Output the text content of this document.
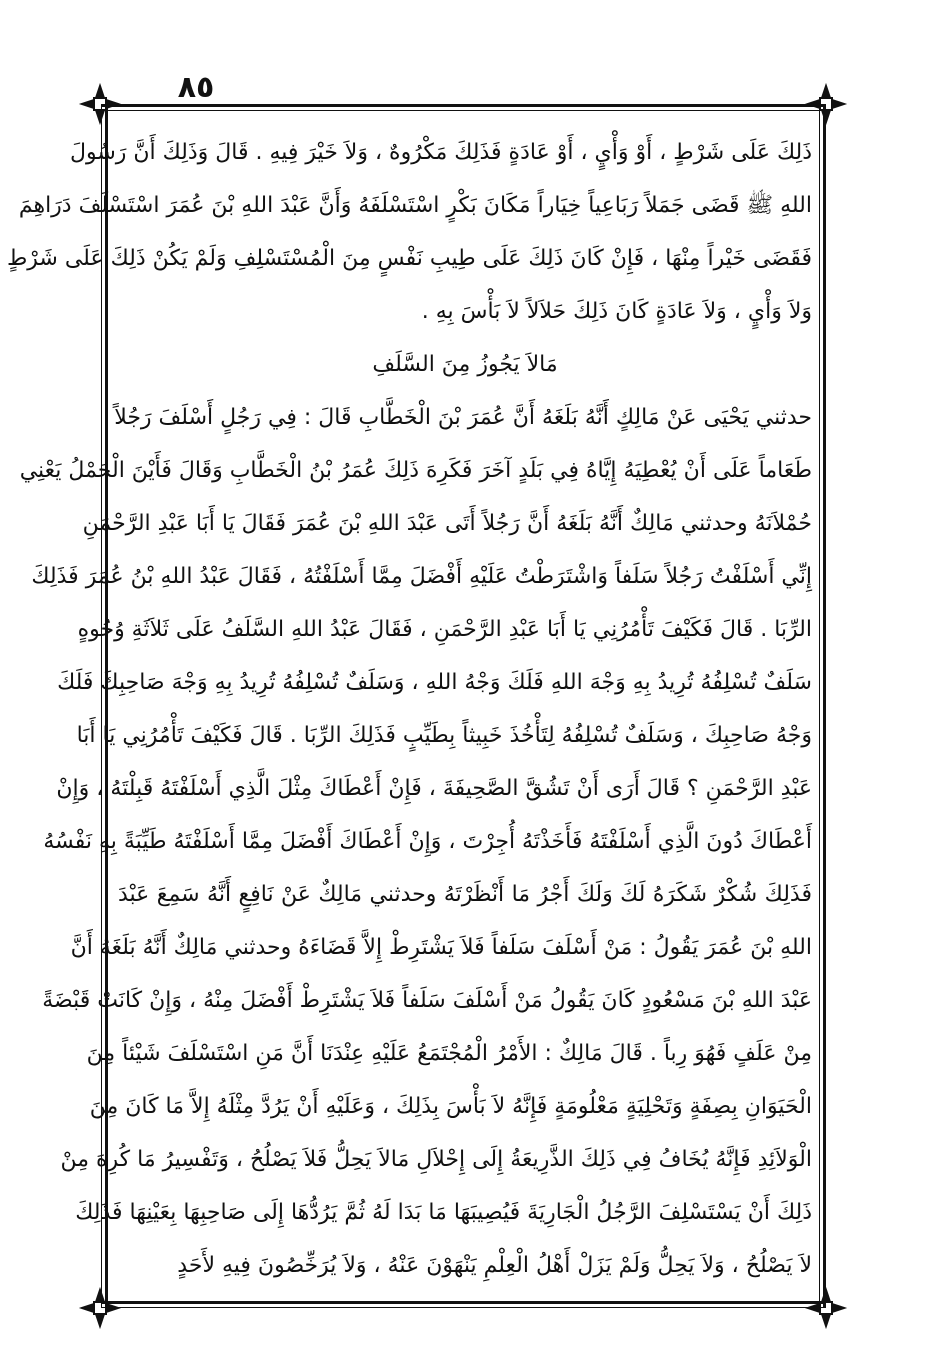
٨٥
ذَلِكَ عَلَى شَرْطٍ ، أَوْ وَأْيٍ ، أَوْ عَادَةٍ فَذَلِكَ مَكْرُوهٌ ، وَلاَ خَيْرَ فِيهِ . قَالَ وَذَلِكَ أَنَّ رَسُولَ
اللهِ ﷺ قَضَى جَمَلاً رَبَاعِياً خِيَاراً مَكَانَ بَكْرٍ اسْتَسْلَفَهُ وَأَنَّ عَبْدَ اللهِ بْنَ عُمَرَ اسْتَسْلَفَ دَرَاهِمَ
فَقَضَى خَيْراً مِنْهَا ، فَإِنْ كَانَ ذَلِكَ عَلَى طِيبِ نَفْسٍ مِنَ الْمُسْتَسْلِفِ وَلَمْ يَكُنْ ذَلِكَ عَلَى شَرْطٍ
وَلاَ وَأْيٍ ، وَلاَ عَادَةٍ كَانَ ذَلِكَ حَلاَلاً لاَ بَأْسَ بِهِ .
مَالاَ يَجُوزُ مِنَ السَّلَفِ
حدثني يَحْيَى عَنْ مَالِكٍ أَنَّهُ بَلَغَهُ أَنَّ عُمَرَ بْنَ الْخَطَّابِ قَالَ : فِي رَجُلٍ أَسْلَفَ رَجُلاً
طَعَاماً عَلَى أَنْ يُعْطِيَهُ إِيَّاهُ فِي بَلَدٍ آخَرَ فَكَرِهَ ذَلِكَ عُمَرُ بْنُ الْخَطَّابِ وَقَالَ فَأَيْنَ الْحَمْلُ يَعْنِي
حُمْلاَنَهُ وحدثني مَالِكٌ أَنَّهُ بَلَغَهُ أَنَّ رَجُلاً أَتَى عَبْدَ اللهِ بْنَ عُمَرَ فَقَالَ يَا أَبَا عَبْدِ الرَّحْمَنِ
إِنِّي أَسْلَفْتُ رَجُلاً سَلَفاً وَاشْتَرَطْتُ عَلَيْهِ أَفْضَلَ مِمَّا أَسْلَفْتُهُ ، فَقَالَ عَبْدُ اللهِ بْنُ عُمَرَ فَذَلِكَ
الرِّبَا . قَالَ فَكَيْفَ تَأْمُرُنِي يَا أَبَا عَبْدِ الرَّحْمَنِ ، فَقَالَ عَبْدُ اللهِ السَّلَفُ عَلَى ثَلاَثَةِ وُجُوهٍ
سَلَفٌ تُسْلِفُهُ تُرِيدُ بِهِ وَجْهَ اللهِ فَلَكَ وَجْهُ اللهِ ، وَسَلَفٌ تُسْلِفُهُ تُرِيدُ بِهِ وَجْهَ صَاحِبِكَ فَلَكَ
وَجْهُ صَاحِبِكَ ، وَسَلَفٌ تُسْلِفُهُ لِتَأْخُذَ خَبِيثاً بِطَيِّبٍ فَذَلِكَ الرِّبَا . قَالَ فَكَيْفَ تَأْمُرُنِي يَا أَبَا
عَبْدِ الرَّحْمَنِ ؟ قَالَ أَرَى أَنْ تَشُقَّ الصَّحِيفَةَ ، فَإِنْ أَعْطَاكَ مِثْلَ الَّذِي أَسْلَفْتَهُ قَبِلْتَهُ ، وَإِنْ
أَعْطَاكَ دُونَ الَّذِي أَسْلَفْتَهُ فَأَخَذْتَهُ أُجِرْتَ ، وَإِنْ أَعْطَاكَ أَفْضَلَ مِمَّا أَسْلَفْتَهُ طَيِّبَةً بِهِ نَفْسُهُ
فَذَلِكَ شُكْرٌ شَكَرَهُ لَكَ وَلَكَ أَجْرُ مَا أَنْظَرْتَهُ وحدثني مَالِكٌ عَنْ نَافِعٍ أَنَّهُ سَمِعَ عَبْدَ
اللهِ بْنَ عُمَرَ يَقُولُ : مَنْ أَسْلَفَ سَلَفاً فَلاَ يَشْتَرِطْ إِلاَّ قَضَاءَهُ وحدثني مَالِكٌ أَنَّهُ بَلَغَهُ أَنَّ
عَبْدَ اللهِ بْنَ مَسْعُودٍ كَانَ يَقُولُ مَنْ أَسْلَفَ سَلَفاً فَلاَ يَشْتَرِطْ أَفْضَلَ مِنْهُ ، وَإِنْ كَانَتْ قَبْضَةً
مِنْ عَلَفٍ فَهُوَ رِباً . قَالَ مَالِكٌ : الأَمْرُ الْمُجْتَمَعُ عَلَيْهِ عِنْدَنَا أَنَّ مَنِ اسْتَسْلَفَ شَيْئاً مِنَ
الْحَيَوَانِ بِصِفَةٍ وَتَحْلِيَةٍ مَعْلُومَةٍ فَإِنَّهُ لاَ بَأْسَ بِذَلِكَ ، وَعَلَيْهِ أَنْ يَرُدَّ مِثْلَهُ إِلاَّ مَا كَانَ مِنَ
الْوَلاَئِدِ فَإِنَّهُ يُخَافُ فِي ذَلِكَ الذَّرِيعَةُ إِلَى إِحْلاَلِ مَالاَ يَحِلُّ فَلاَ يَصْلُحُ ، وَتَفْسِيرُ مَا كُرِهَ مِنْ
ذَلِكَ أَنْ يَسْتَسْلِفَ الرَّجُلُ الْجَارِيَةَ فَيُصِيبَهَا مَا بَدَا لَهُ ثُمَّ يَرُدُّهَا إِلَى صَاحِبِهَا بِعَيْنِهَا فَذَلِكَ
لاَ يَصْلُحُ ، وَلاَ يَحِلُّ وَلَمْ يَزَلْ أَهْلُ الْعِلْمِ يَنْهَوْنَ عَنْهُ ، وَلاَ يُرَخِّصُونَ فِيهِ لأَحَدٍ
